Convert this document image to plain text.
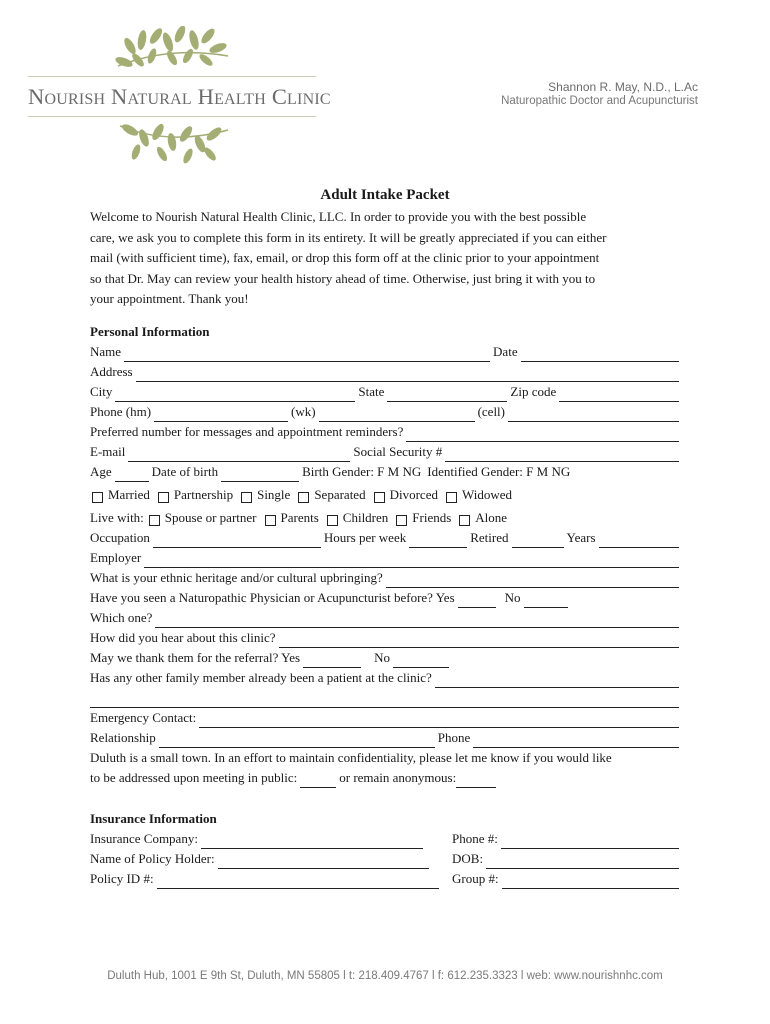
Nourish Natural Health Clinic	Shannon R. May, N.D., L.Ac
Naturopathic Doctor and Acupuncturist
Adult Intake Packet
Welcome to Nourish Natural Health Clinic, LLC. In order to provide you with the best possible
care, we ask you to complete this form in its entirety. It will be greatly appreciated if you can either
mail (with sufficient time), fax, email, or drop this form off at the clinic prior to your appointment
so that Dr. May can review your health history ahead of time. Otherwise, just bring it with you to
your appointment. Thank you!
Personal Information
Name	Date
Address
City	State	Zip code
Phone (hm)	(wk)	(cell)
Preferred number for messages and appointment reminders?
E-mail	Social Security #
Age	Date of birth	Birth Gender: F M NG Identified Gender: F M NG
Married Partnership Single Separated Divorced Widowed
Live with: Spouse or partner Parents Children Friends Alone
Occupation	Hours per week	Retired	Years
Employer
What is your ethnic heritage and/or cultural upbringing?
Have you seen a Naturopathic Physician or Acupuncturist before? Yes	No
Which one?
How did you hear about this clinic?
May we thank them for the referral? Yes	No
Has any other family member already been a patient at the clinic?
Emergency Contact:
Relationship	Phone
Duluth is a small town. In an effort to maintain confidentiality, please let me know if you would like
to be addressed upon meeting in public:	or remain anonymous:
Insurance Information
Insurance Company:	Phone #:
Name of Policy Holder:	DOB:
Policy ID #:	Group #:
Duluth Hub, 1001 E 9th St, Duluth, MN 55805 l t: 218.409.4767 l f: 612.235.3323 l web: www.nourishnhc.com
